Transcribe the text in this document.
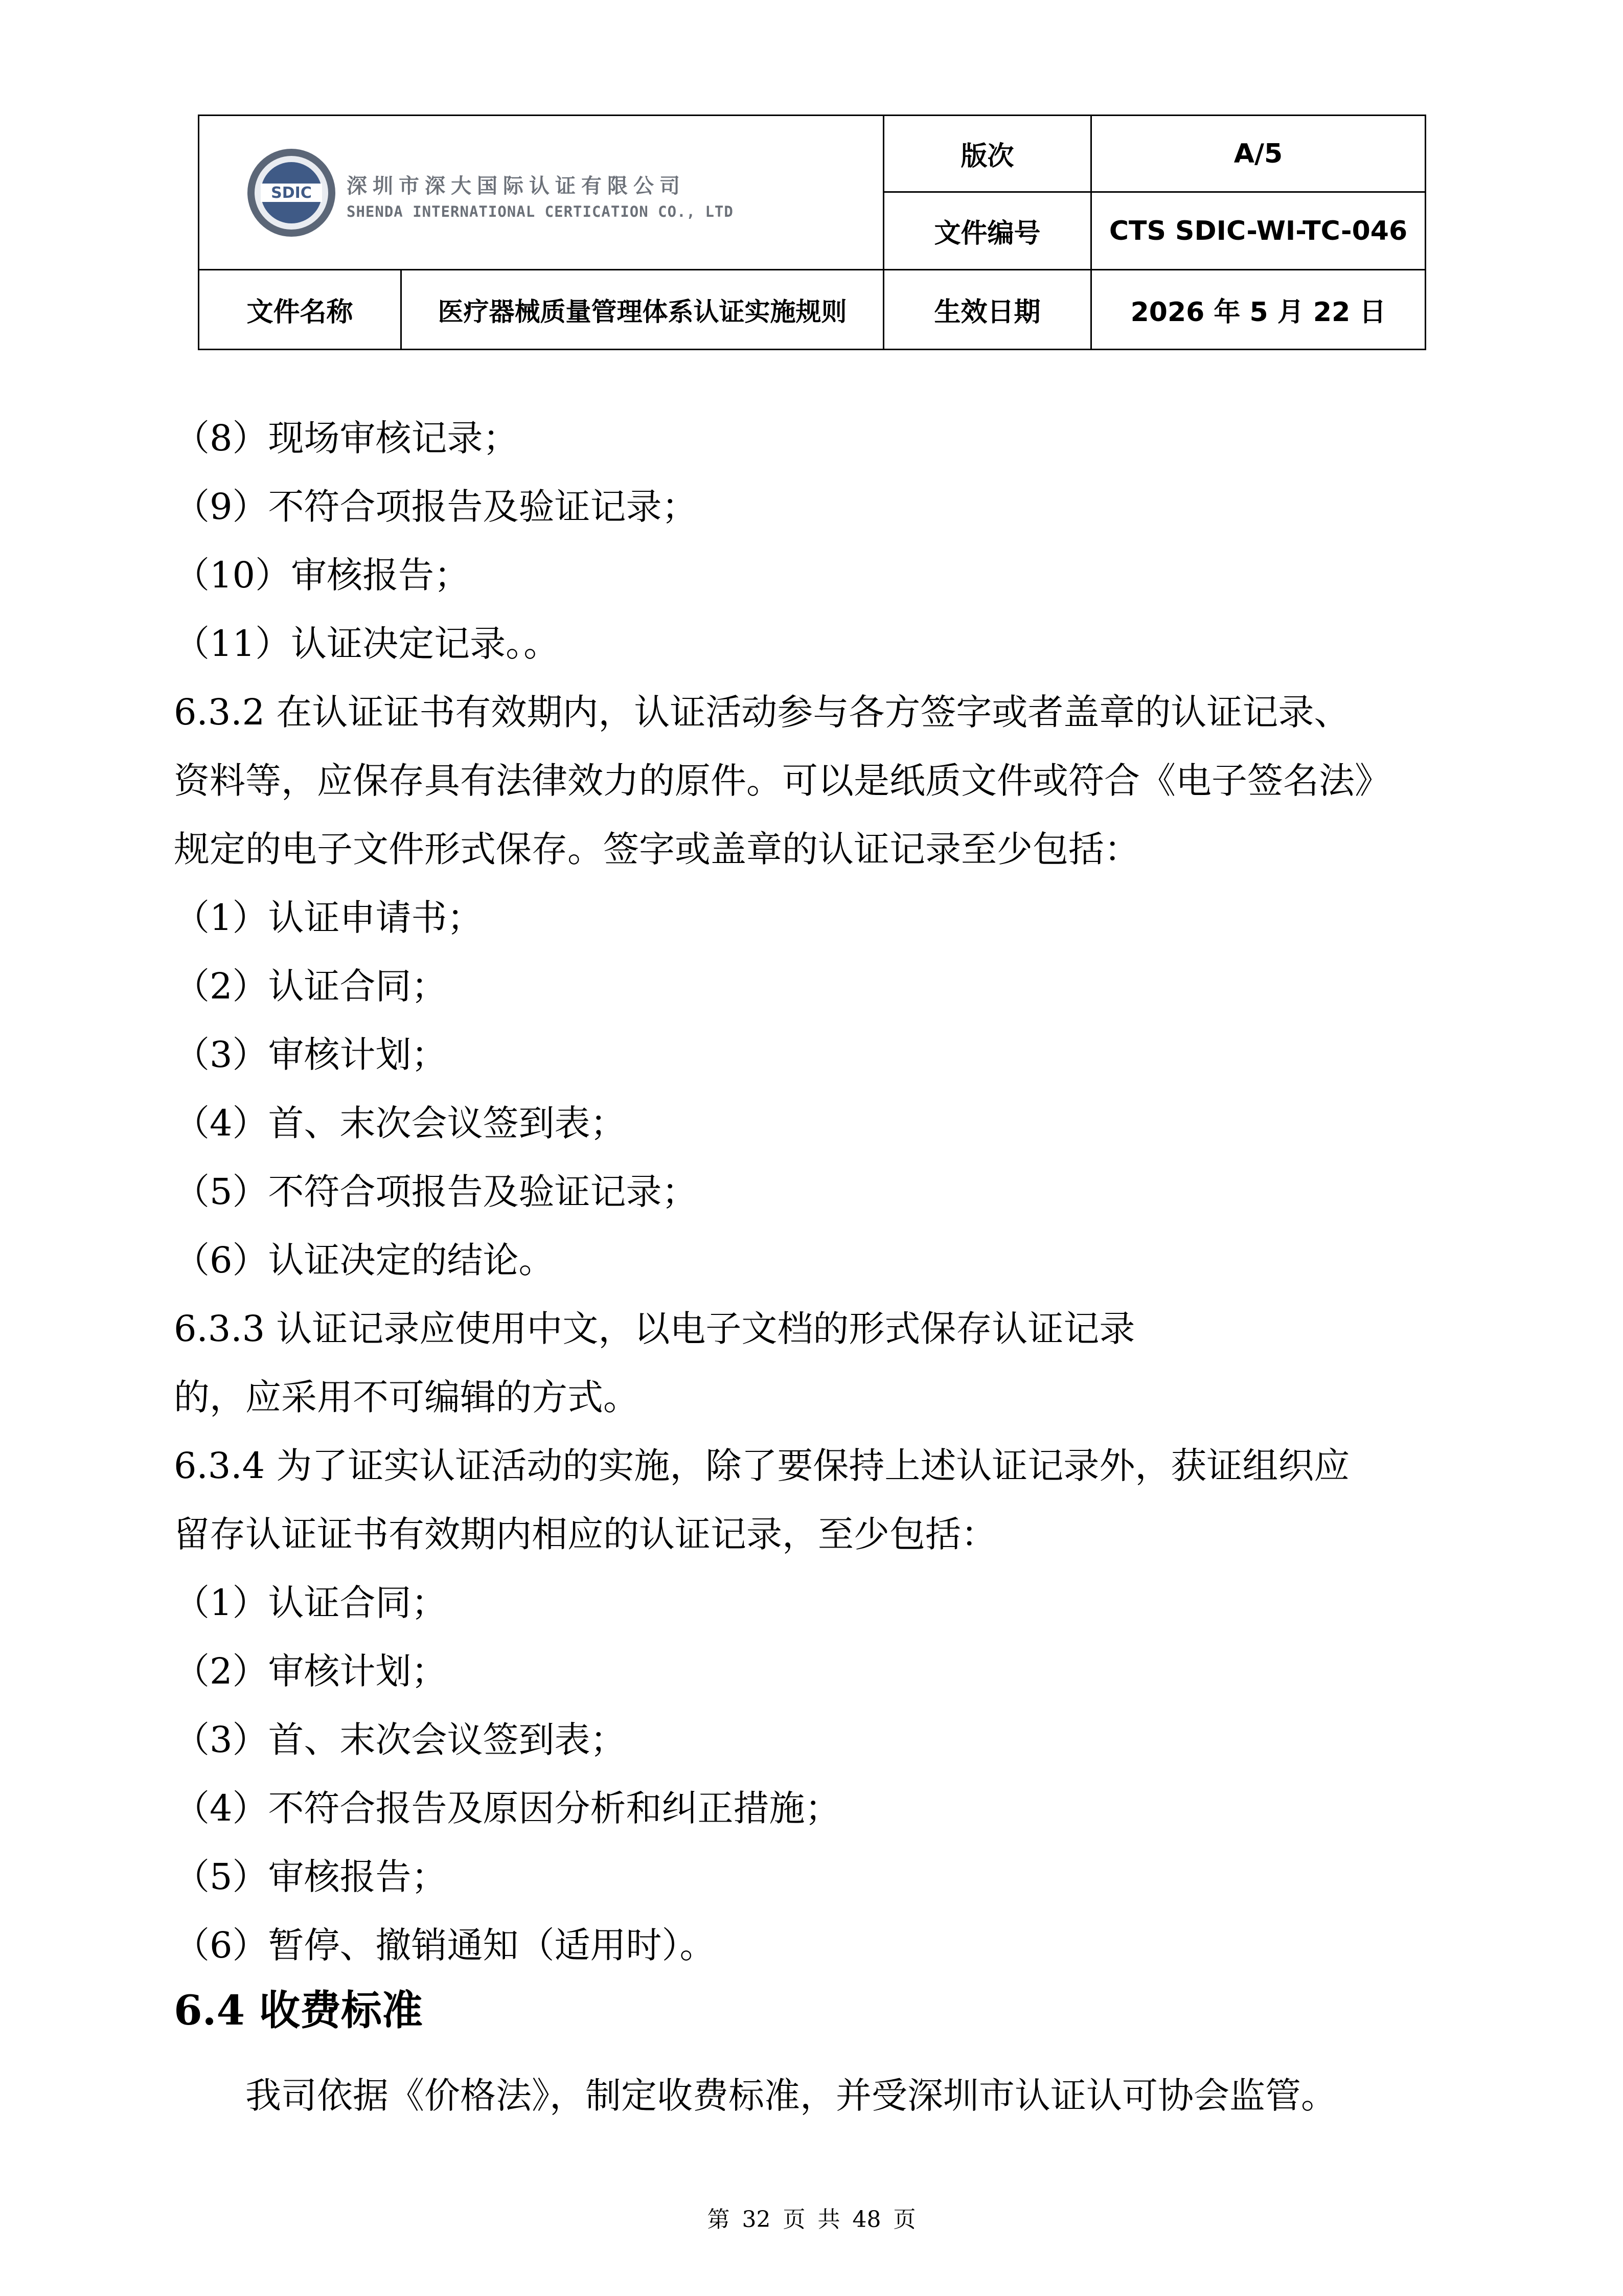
SDIC 深圳市深大国际认证有限公司
SHENDA INTERNATIONAL CERTICATION CO., LTD		版次	A/5
		文件编号	CTS SDIC-WI-TC-046
文件名称	医疗器械质量管理体系认证实施规则	生效日期	2026 年 5 月 22 日

（8）现场审核记录；

（9）不符合项报告及验证记录；

（10）审核报告；

（11）认证决定记录。。

6.3.2 在认证证书有效期内，认证活动参与各方签字或者盖章的认证记录、

资料等，应保存具有法律效力的原件。可以是纸质文件或符合《电子签名法》

规定的电子文件形式保存。签字或盖章的认证记录至少包括：

（1）认证申请书；

（2）认证合同；

（3）审核计划；

（4）首、末次会议签到表；

（5）不符合项报告及验证记录；

（6）认证决定的结论。

6.3.3 认证记录应使用中文，以电子文档的形式保存认证记录

的，应采用不可编辑的方式。

6.3.4 为了证实认证活动的实施，除了要保持上述认证记录外，获证组织应

留存认证证书有效期内相应的认证记录，至少包括：

（1）认证合同；

（2）审核计划；

（3）首、末次会议签到表；

（4）不符合报告及原因分析和纠正措施；

（5）审核报告；

（6）暂停、撤销通知（适用时）。

6.4 收费标准

我司依据《价格法》，制定收费标准，并受深圳市认证认可协会监管。

第 32 页 共 48 页
